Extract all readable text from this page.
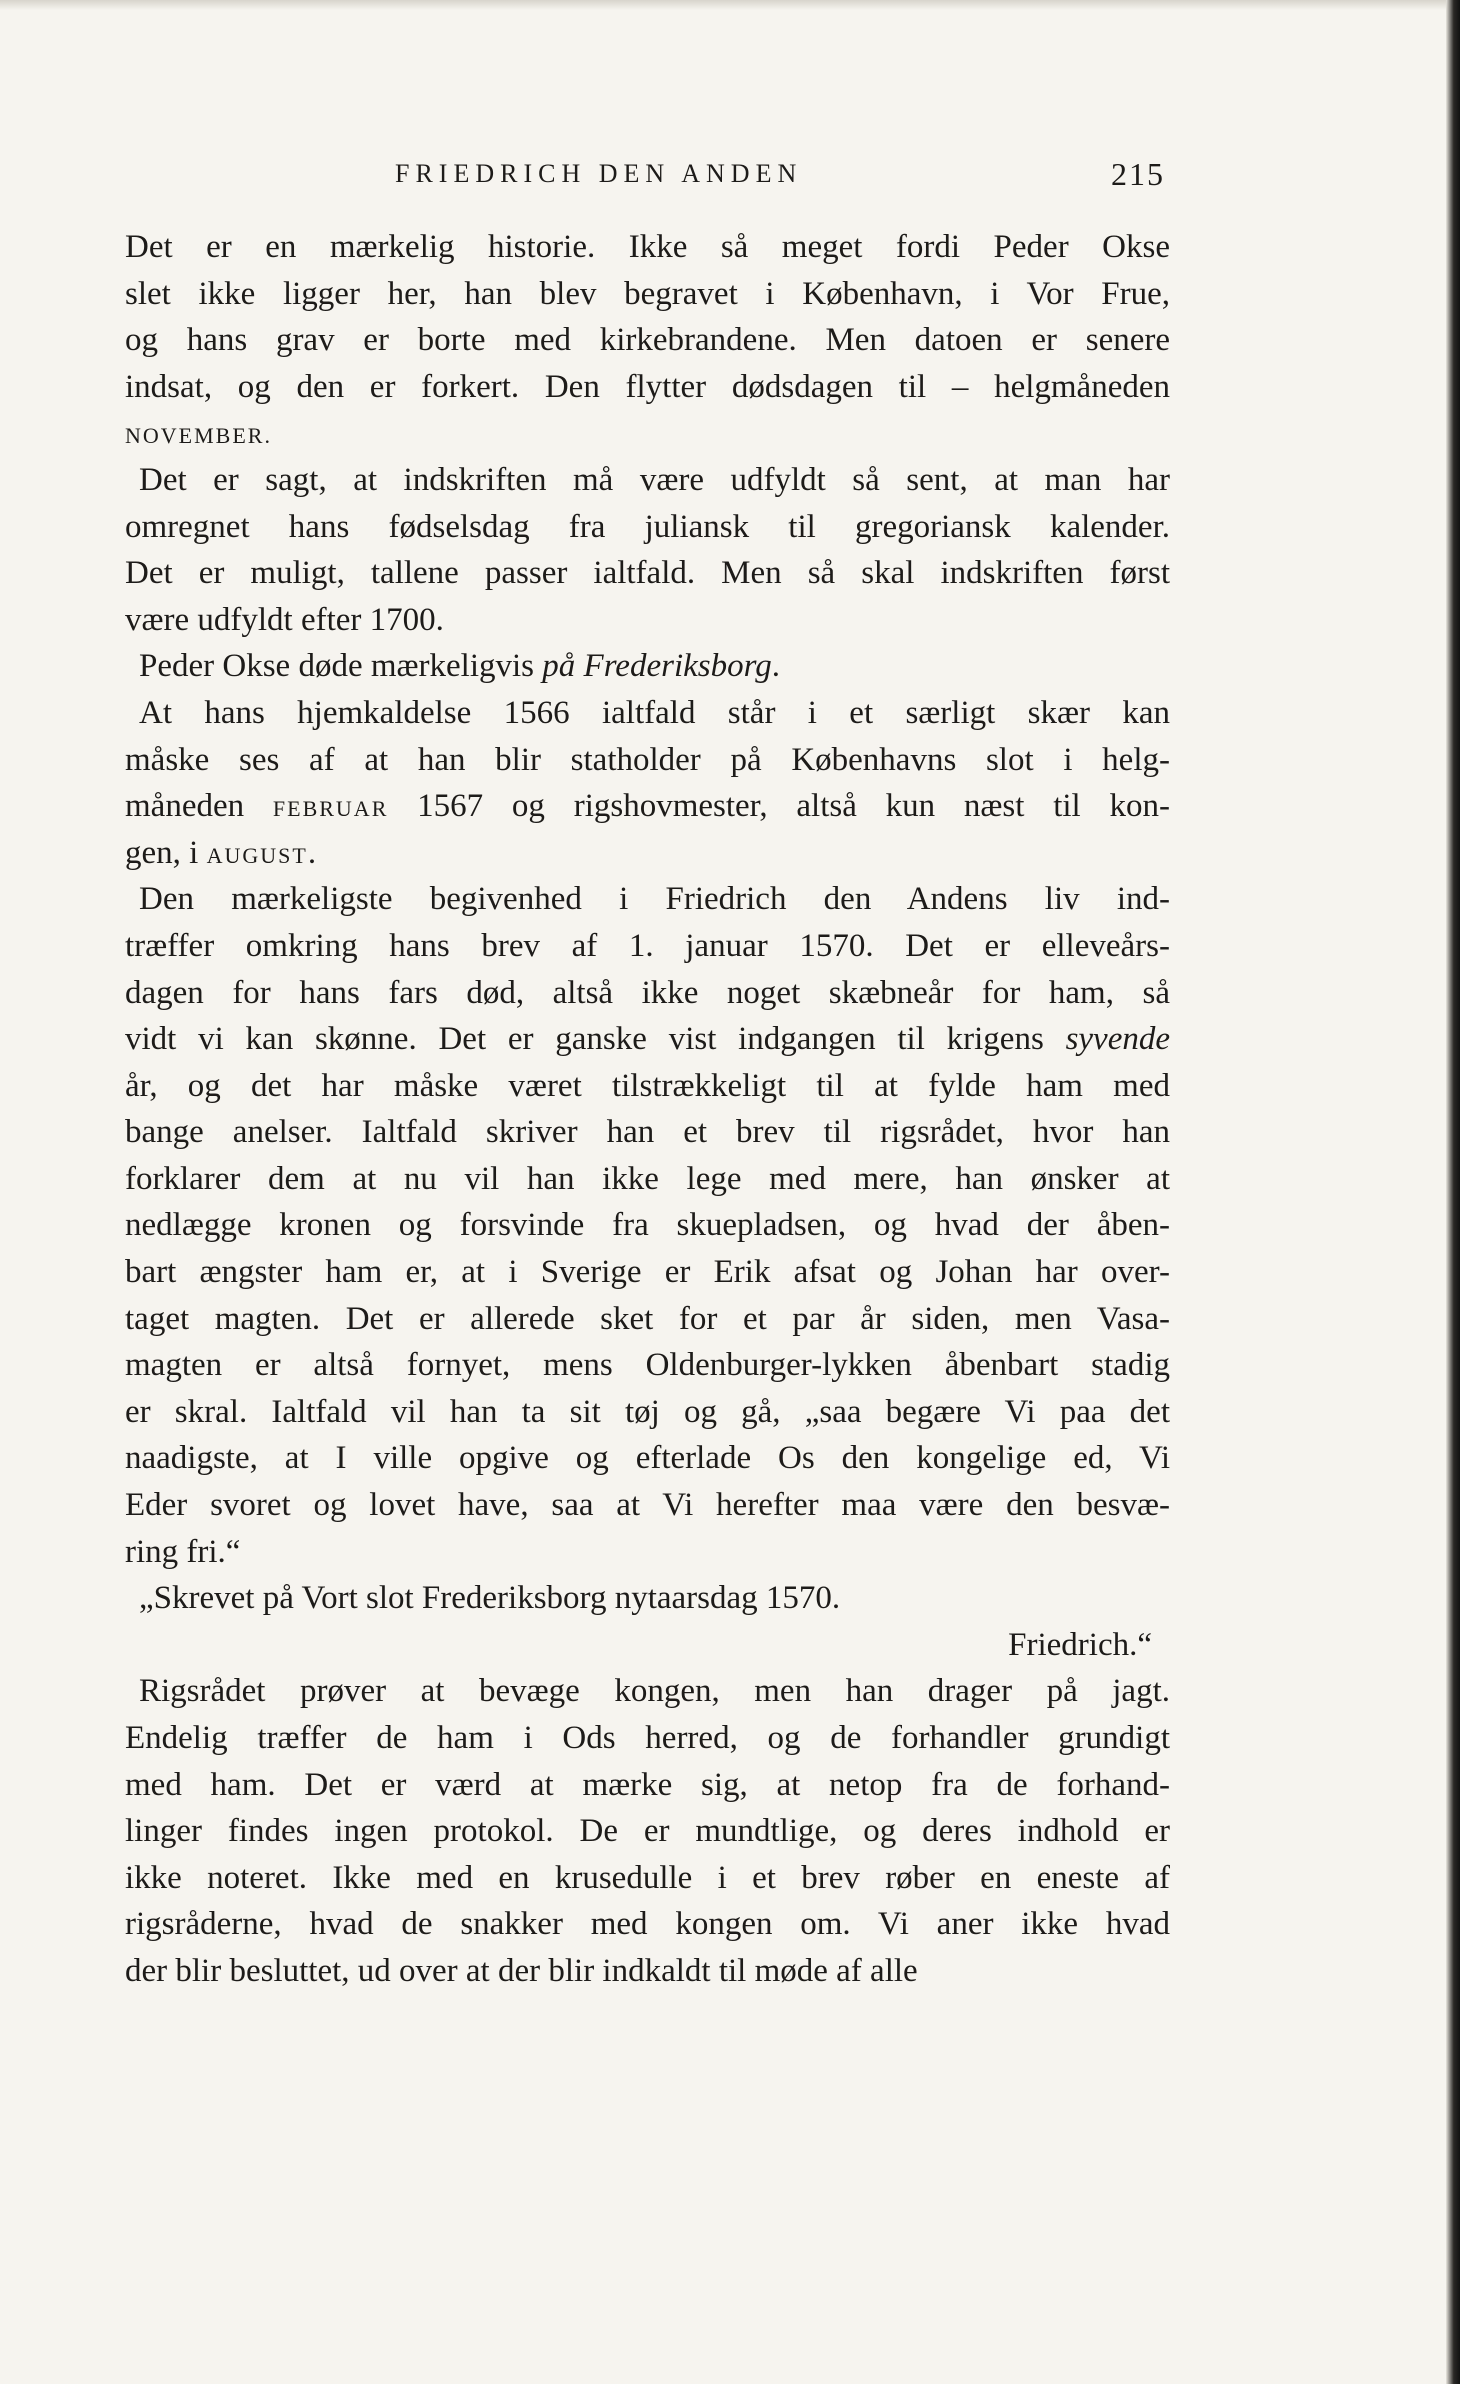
FRIEDRICH DEN ANDEN	215
Det er en mærkelig historie. Ikke så meget fordi Peder Okse
slet ikke ligger her, han blev begravet i København, i Vor Frue,
og hans grav er borte med kirkebrandene. Men datoen er senere
indsat, og den er forkert. Den flytter dødsdagen til – helgmåneden
NOVEMBER.
Det er sagt, at indskriften må være udfyldt så sent, at man har
omregnet hans fødselsdag fra juliansk til gregoriansk kalender.
Det er muligt, tallene passer ialtfald. Men så skal indskriften først
være udfyldt efter 1700.
Peder Okse døde mærkeligvis på Frederiksborg.
At hans hjemkaldelse 1566 ialtfald står i et særligt skær kan
måske ses af at han blir statholder på Københavns slot i helg-
måneden FEBRUAR 1567 og rigshovmester, altså kun næst til kon-
gen, i AUGUST.
Den mærkeligste begivenhed i Friedrich den Andens liv ind-
træffer omkring hans brev af 1. januar 1570. Det er elleveårs-
dagen for hans fars død, altså ikke noget skæbneår for ham, så
vidt vi kan skønne. Det er ganske vist indgangen til krigens syvende
år, og det har måske været tilstrækkeligt til at fylde ham med
bange anelser. Ialtfald skriver han et brev til rigsrådet, hvor han
forklarer dem at nu vil han ikke lege med mere, han ønsker at
nedlægge kronen og forsvinde fra skuepladsen, og hvad der åben-
bart ængster ham er, at i Sverige er Erik afsat og Johan har over-
taget magten. Det er allerede sket for et par år siden, men Vasa-
magten er altså fornyet, mens Oldenburger-lykken åbenbart stadig
er skral. Ialtfald vil han ta sit tøj og gå, „saa begære Vi paa det
naadigste, at I ville opgive og efterlade Os den kongelige ed, Vi
Eder svoret og lovet have, saa at Vi herefter maa være den besvæ-
ring fri.“
„Skrevet på Vort slot Frederiksborg nytaarsdag 1570.
Friedrich.“
Rigsrådet prøver at bevæge kongen, men han drager på jagt.
Endelig træffer de ham i Ods herred, og de forhandler grundigt
med ham. Det er værd at mærke sig, at netop fra de forhand-
linger findes ingen protokol. De er mundtlige, og deres indhold er
ikke noteret. Ikke med en krusedulle i et brev røber en eneste af
rigsråderne, hvad de snakker med kongen om. Vi aner ikke hvad
der blir besluttet, ud over at der blir indkaldt til møde af alle
